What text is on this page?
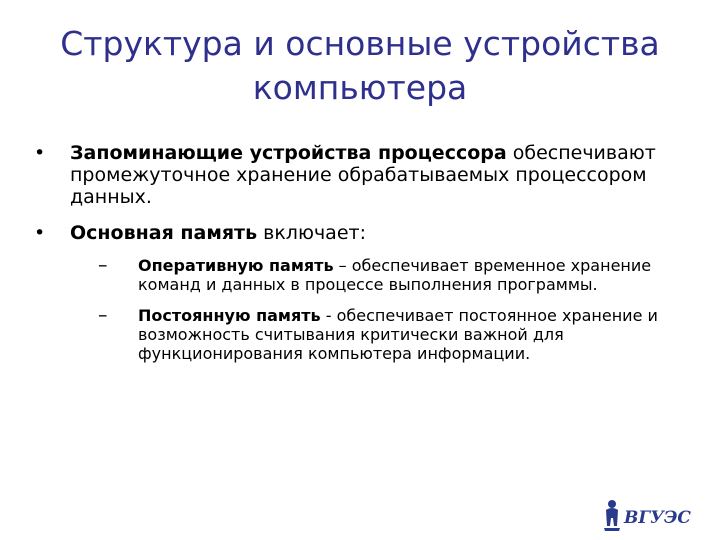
Структура и основные устройства компьютера
• Запоминающие устройства процессора обеспечивают промежуточное хранение обрабатываемых процессором данных.
• Основная память включает:
– Оперативную память – обеспечивает временное хранение команд и данных в процессе выполнения программы.
– Постоянную память - обеспечивает постоянное хранение и возможность считывания критически важной для функционирования компьютера информации.
ВГУЭС
